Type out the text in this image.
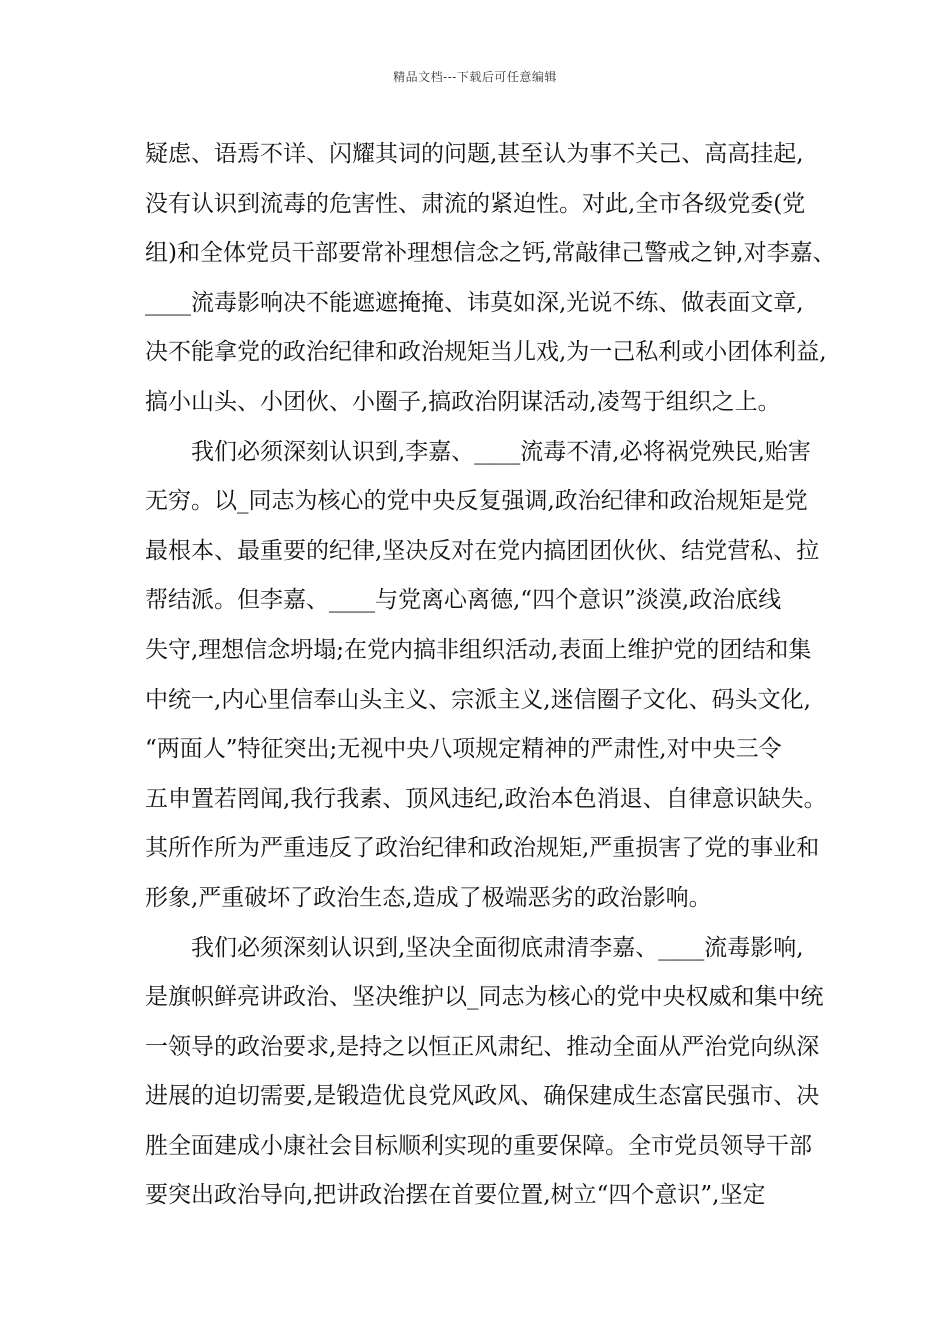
精品文档---下载后可任意编辑
疑虑、语焉不详、闪耀其词的问题,甚至认为事不关己、高高挂起,
没有认识到流毒的危害性、肃流的紧迫性。对此,全市各级党委(党
组)和全体党员干部要常补理想信念之钙,常敲律己警戒之钟,对李嘉、
____流毒影响决不能遮遮掩掩、讳莫如深,光说不练、做表面文章,
决不能拿党的政治纪律和政治规矩当儿戏,为一己私利或小团体利益,
搞小山头、小团伙、小圈子,搞政治阴谋活动,凌驾于组织之上。
我们必须深刻认识到,李嘉、____流毒不清,必将祸党殃民,贻害
无穷。以_同志为核心的党中央反复强调,政治纪律和政治规矩是党
最根本、最重要的纪律,坚决反对在党内搞团团伙伙、结党营私、拉
帮结派。但李嘉、____与党离心离德,“四个意识”淡漠,政治底线
失守,理想信念坍塌;在党内搞非组织活动,表面上维护党的团结和集
中统一,内心里信奉山头主义、宗派主义,迷信圈子文化、码头文化,
“两面人”特征突出;无视中央八项规定精神的严肃性,对中央三令
五申置若罔闻,我行我素、顶风违纪,政治本色消退、自律意识缺失。
其所作所为严重违反了政治纪律和政治规矩,严重损害了党的事业和
形象,严重破坏了政治生态,造成了极端恶劣的政治影响。
我们必须深刻认识到,坚决全面彻底肃清李嘉、____流毒影响,
是旗帜鲜亮讲政治、坚决维护以_同志为核心的党中央权威和集中统
一领导的政治要求,是持之以恒正风肃纪、推动全面从严治党向纵深
进展的迫切需要,是锻造优良党风政风、确保建成生态富民强市、决
胜全面建成小康社会目标顺利实现的重要保障。全市党员领导干部
要突出政治导向,把讲政治摆在首要位置,树立“四个意识”,坚定
